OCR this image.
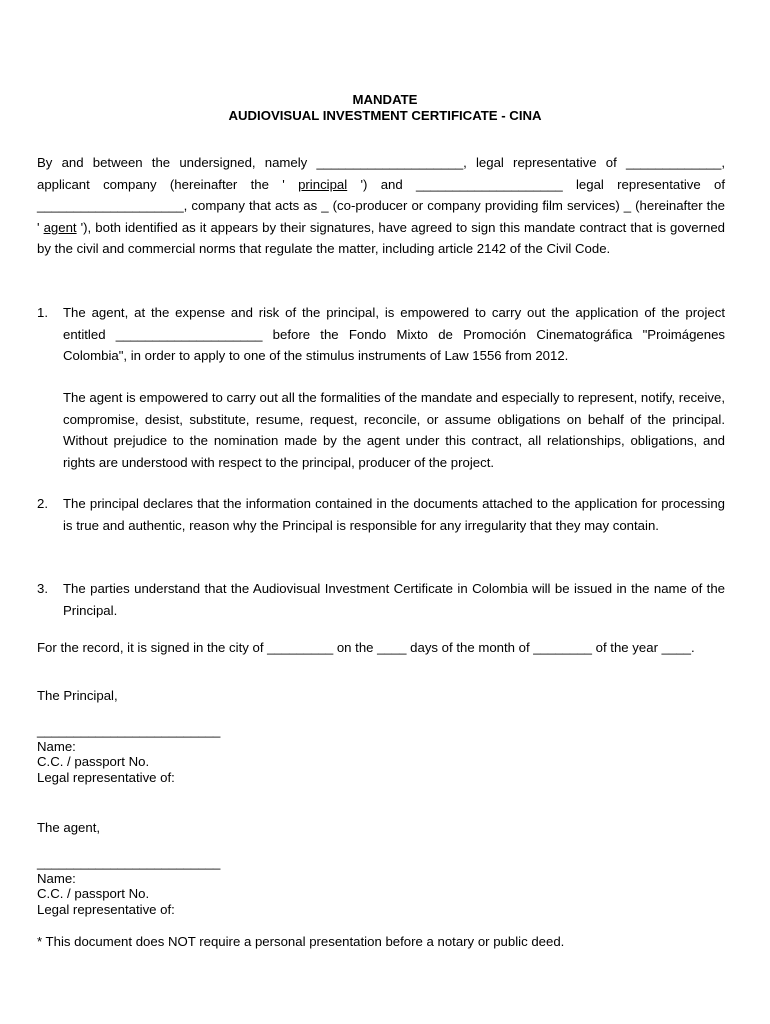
MANDATE
AUDIOVISUAL INVESTMENT CERTIFICATE - CINA
By and between the undersigned, namely ____________________, legal representative of _____________, applicant company (hereinafter the ' principal ') and ____________________ legal representative of ____________________, company that acts as _ (co-producer or company providing film services) _ (hereinafter the ' agent '), both identified as it appears by their signatures, have agreed to sign this mandate contract that is governed by the civil and commercial norms that regulate the matter, including article 2142 of the Civil Code.
1. The agent, at the expense and risk of the principal, is empowered to carry out the application of the project entitled ____________________ before the Fondo Mixto de Promoción Cinematográfica "Proimágenes Colombia", in order to apply to one of the stimulus instruments of Law 1556 from 2012.
The agent is empowered to carry out all the formalities of the mandate and especially to represent, notify, receive, compromise, desist, substitute, resume, request, reconcile, or assume obligations on behalf of the principal. Without prejudice to the nomination made by the agent under this contract, all relationships, obligations, and rights are understood with respect to the principal, producer of the project.
2. The principal declares that the information contained in the documents attached to the application for processing is true and authentic, reason why the Principal is responsible for any irregularity that they may contain.
3. The parties understand that the Audiovisual Investment Certificate in Colombia will be issued in the name of the Principal.
For the record, it is signed in the city of _________ on the ____ days of the month of ________ of the year ____.
The Principal,
_________________________
Name:
C.C. / passport No.
Legal representative of:
The agent,
_________________________
Name:
C.C. / passport No.
Legal representative of:
* This document does NOT require a personal presentation before a notary or public deed.
